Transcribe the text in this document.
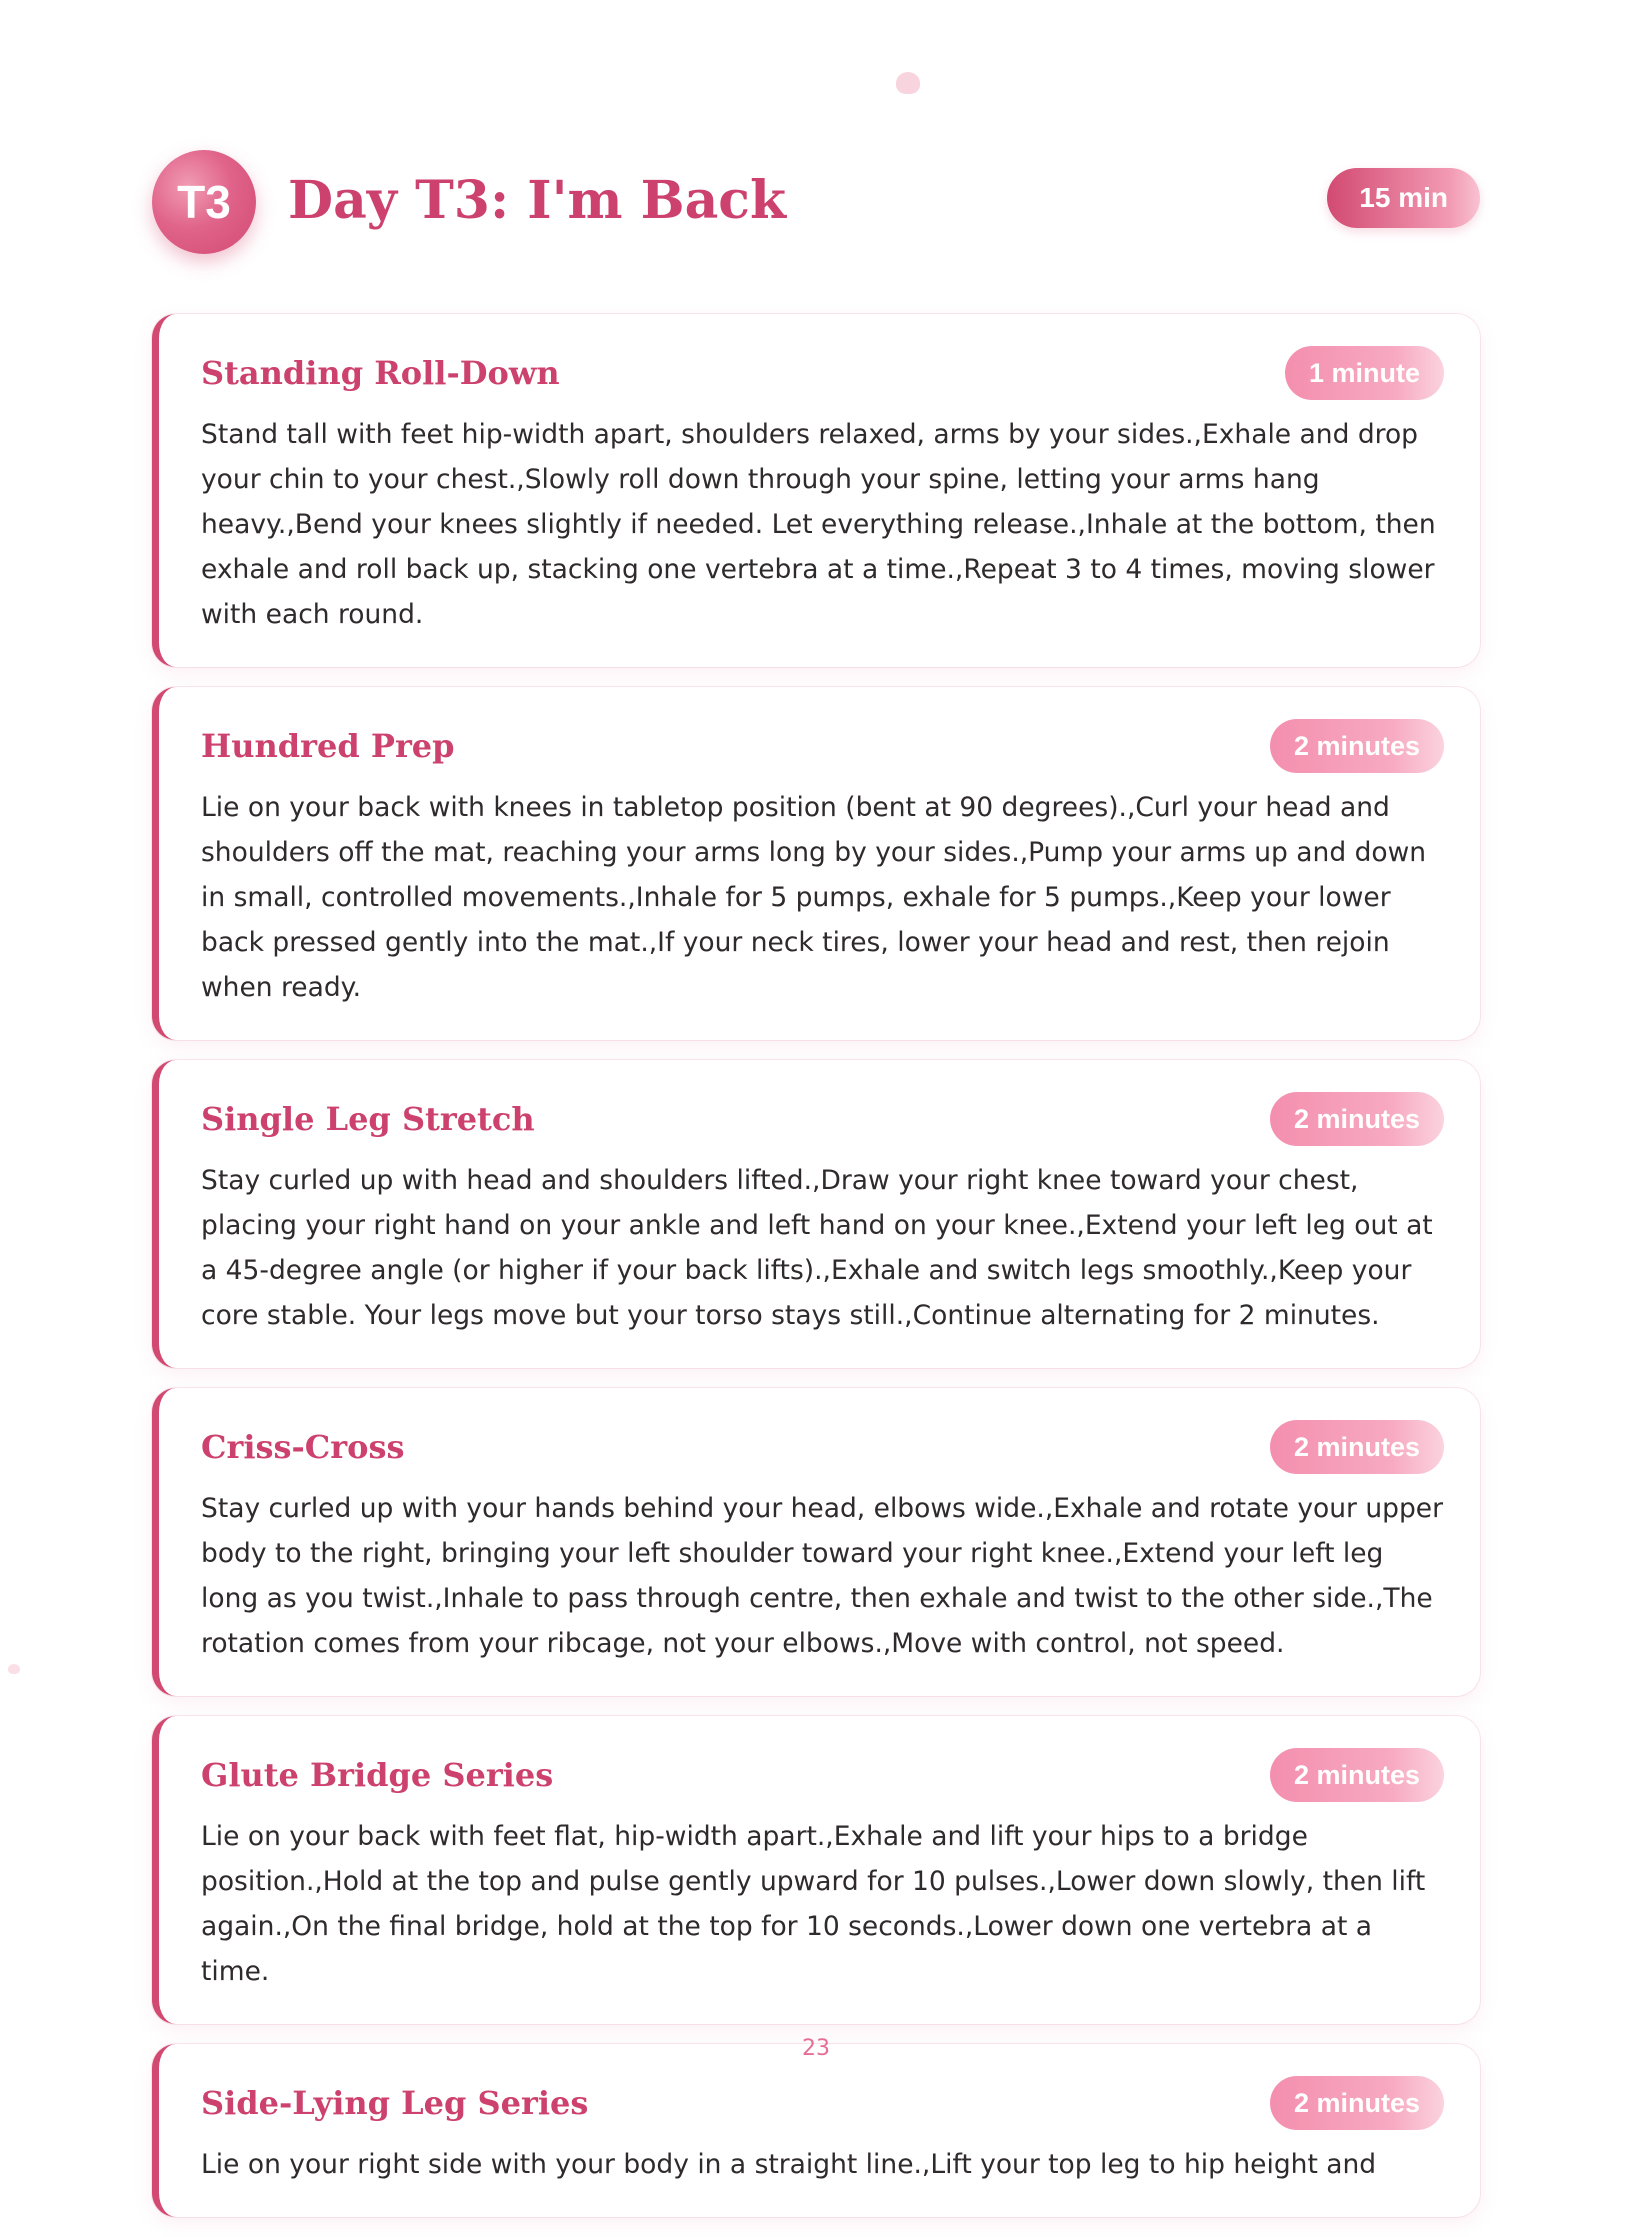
T3	Day T3: I'm Back	15 min
Standing Roll-Down	1 minute

Stand tall with feet hip-width apart, shoulders relaxed, arms by your sides.,Exhale and drop your chin to your chest.,Slowly roll down through your spine, letting your arms hang heavy.,Bend your knees slightly if needed. Let everything release.,Inhale at the bottom, then exhale and roll back up, stacking one vertebra at a time.,Repeat 3 to 4 times, moving slower with each round.

Hundred Prep	2 minutes

Lie on your back with knees in tabletop position (bent at 90 degrees).,Curl your head and shoulders off the mat, reaching your arms long by your sides.,Pump your arms up and down in small, controlled movements.,Inhale for 5 pumps, exhale for 5 pumps.,Keep your lower back pressed gently into the mat.,If your neck tires, lower your head and rest, then rejoin when ready.

Single Leg Stretch	2 minutes

Stay curled up with head and shoulders lifted.,Draw your right knee toward your chest, placing your right hand on your ankle and left hand on your knee.,Extend your left leg out at a 45-degree angle (or higher if your back lifts).,Exhale and switch legs smoothly.,Keep your core stable. Your legs move but your torso stays still.,Continue alternating for 2 minutes.

Criss-Cross	2 minutes

Stay curled up with your hands behind your head, elbows wide.,Exhale and rotate your upper body to the right, bringing your left shoulder toward your right knee.,Extend your left leg long as you twist.,Inhale to pass through centre, then exhale and twist to the other side.,The rotation comes from your ribcage, not your elbows.,Move with control, not speed.

Glute Bridge Series	2 minutes

Lie on your back with feet flat, hip-width apart.,Exhale and lift your hips to a bridge position.,Hold at the top and pulse gently upward for 10 pulses.,Lower down slowly, then lift again.,On the final bridge, hold at the top for 10 seconds.,Lower down one vertebra at a time.

Side-Lying Leg Series	2 minutes

Lie on your right side with your body in a straight line.,Lift your top leg to hip height and

23
